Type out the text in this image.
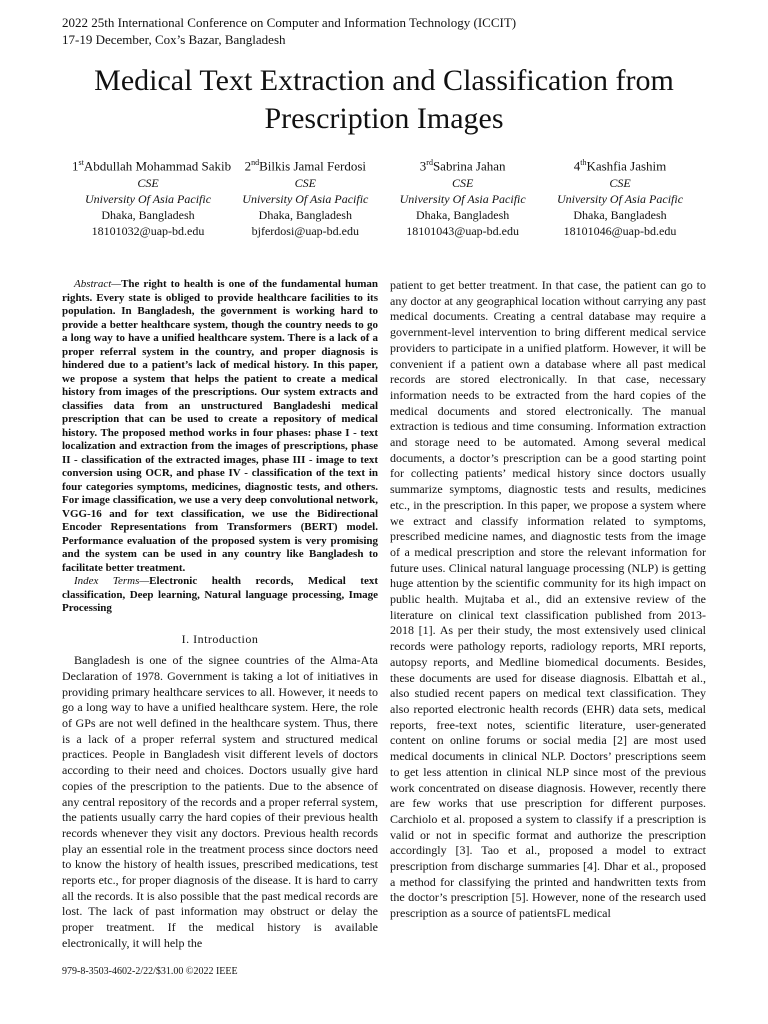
2022 25th International Conference on Computer and Information Technology (ICCIT)
17-19 December, Cox’s Bazar, Bangladesh
Medical Text Extraction and Classification from
Prescription Images
1stAbdullah Mohammad Sakib
CSE
University Of Asia Pacific
Dhaka, Bangladesh
18101032@uap-bd.edu
2ndBilkis Jamal Ferdosi
CSE
University Of Asia Pacific
Dhaka, Bangladesh
bjferdosi@uap-bd.edu
3rdSabrina Jahan
CSE
University Of Asia Pacific
Dhaka, Bangladesh
18101043@uap-bd.edu
4thKashfia Jashim
CSE
University Of Asia Pacific
Dhaka, Bangladesh
18101046@uap-bd.edu

Abstract—The right to health is one of the fundamental human rights. Every state is obliged to provide healthcare facilities to its population. In Bangladesh, the government is working hard to provide a better healthcare system, though the country needs to go a long way to have a unified healthcare system. There is a lack of a proper referral system in the country, and proper diagnosis is hindered due to a patient’s lack of medical history. In this paper, we propose a system that helps the patient to create a medical history from images of the prescriptions. Our system extracts and classifies data from an unstructured Bangladeshi medical prescription that can be used to create a repository of medical history. The proposed method works in four phases: phase I - text localization and extraction from the images of prescriptions, phase II - classification of the extracted images, phase III - image to text conversion using OCR, and phase IV - classification of the text in four categories symptoms, medicines, diagnostic tests, and others. For image classification, we use a very deep convolutional network, VGG-16 and for text classification, we use the Bidirectional Encoder Representations from Transformers (BERT) model. Performance evaluation of the proposed system is very promising and the system can be used in any country like Bangladesh to facilitate better treatment.

Index Terms—Electronic health records, Medical text classification, Deep learning, Natural language processing, Image Processing

I. Introduction

Bangladesh is one of the signee countries of the Alma-Ata Declaration of 1978. Government is taking a lot of initiatives in providing primary healthcare services to all. However, it needs to go a long way to have a unified healthcare system. Here, the role of GPs are not well defined in the healthcare system. Thus, there is a lack of a proper referral system and structured medical practices. People in Bangladesh visit different levels of doctors according to their need and choices. Doctors usually give hard copies of the prescription to the patients. Due to the absence of any central repository of the records and a proper referral system, the patients usually carry the hard copies of their previous health records whenever they visit any doctors. Previous health records play an essential role in the treatment process since doctors need to know the history of health issues, prescribed medications, test reports etc., for proper diagnosis of the disease. It is hard to carry all the records. It is also possible that the past medical records are lost. The lack of past information may obstruct or delay the proper treatment. If the medical history is available electronically, it will help the

patient to get better treatment. In that case, the patient can go to any doctor at any geographical location without carrying any past medical documents. Creating a central database may require a government-level intervention to bring different medical service providers to participate in a unified platform. However, it will be convenient if a patient own a database where all past medical records are stored electronically. In that case, necessary information needs to be extracted from the hard copies of the medical documents and stored electronically. The manual extraction is tedious and time consuming. Information extraction and storage need to be automated. Among several medical documents, a doctor’s prescription can be a good starting point for collecting patients’ medical history since doctors usually summarize symptoms, diagnostic tests and results, medicines etc., in the prescription. In this paper, we propose a system where we extract and classify information related to symptoms, prescribed medicine names, and diagnostic tests from the image of a medical prescription and store the relevant information for future uses. Clinical natural language processing (NLP) is getting huge attention by the scientific community for its high impact on public health. Mujtaba et al., did an extensive review of the literature on clinical text classification published from 2013- 2018 [1]. As per their study, the most extensively used clinical records were pathology reports, radiology reports, MRI reports, autopsy reports, and Medline biomedical documents. Besides, these documents are used for disease diagnosis. Elbattah et al., also studied recent papers on medical text classification. They also reported electronic health records (EHR) data sets, medical reports, free-text notes, scientific literature, user-generated content on online forums or social media [2] are most used medical documents in clinical NLP. Doctors’ prescriptions seem to get less attention in clinical NLP since most of the previous work concentrated on disease diagnosis. However, recently there are few works that use prescription for different purposes. Carchiolo et al. proposed a system to classify if a prescription is valid or not in specific format and authorize the prescription accordingly [3]. Tao et al., proposed a model to extract prescription from discharge summaries [4]. Dhar et al., proposed a method for classifying the printed and handwritten texts from the doctor’s prescription [5]. However, none of the research used prescription as a source of patientsFL medical

979-8-3503-4602-2/22/$31.00 ©2022 IEEE
